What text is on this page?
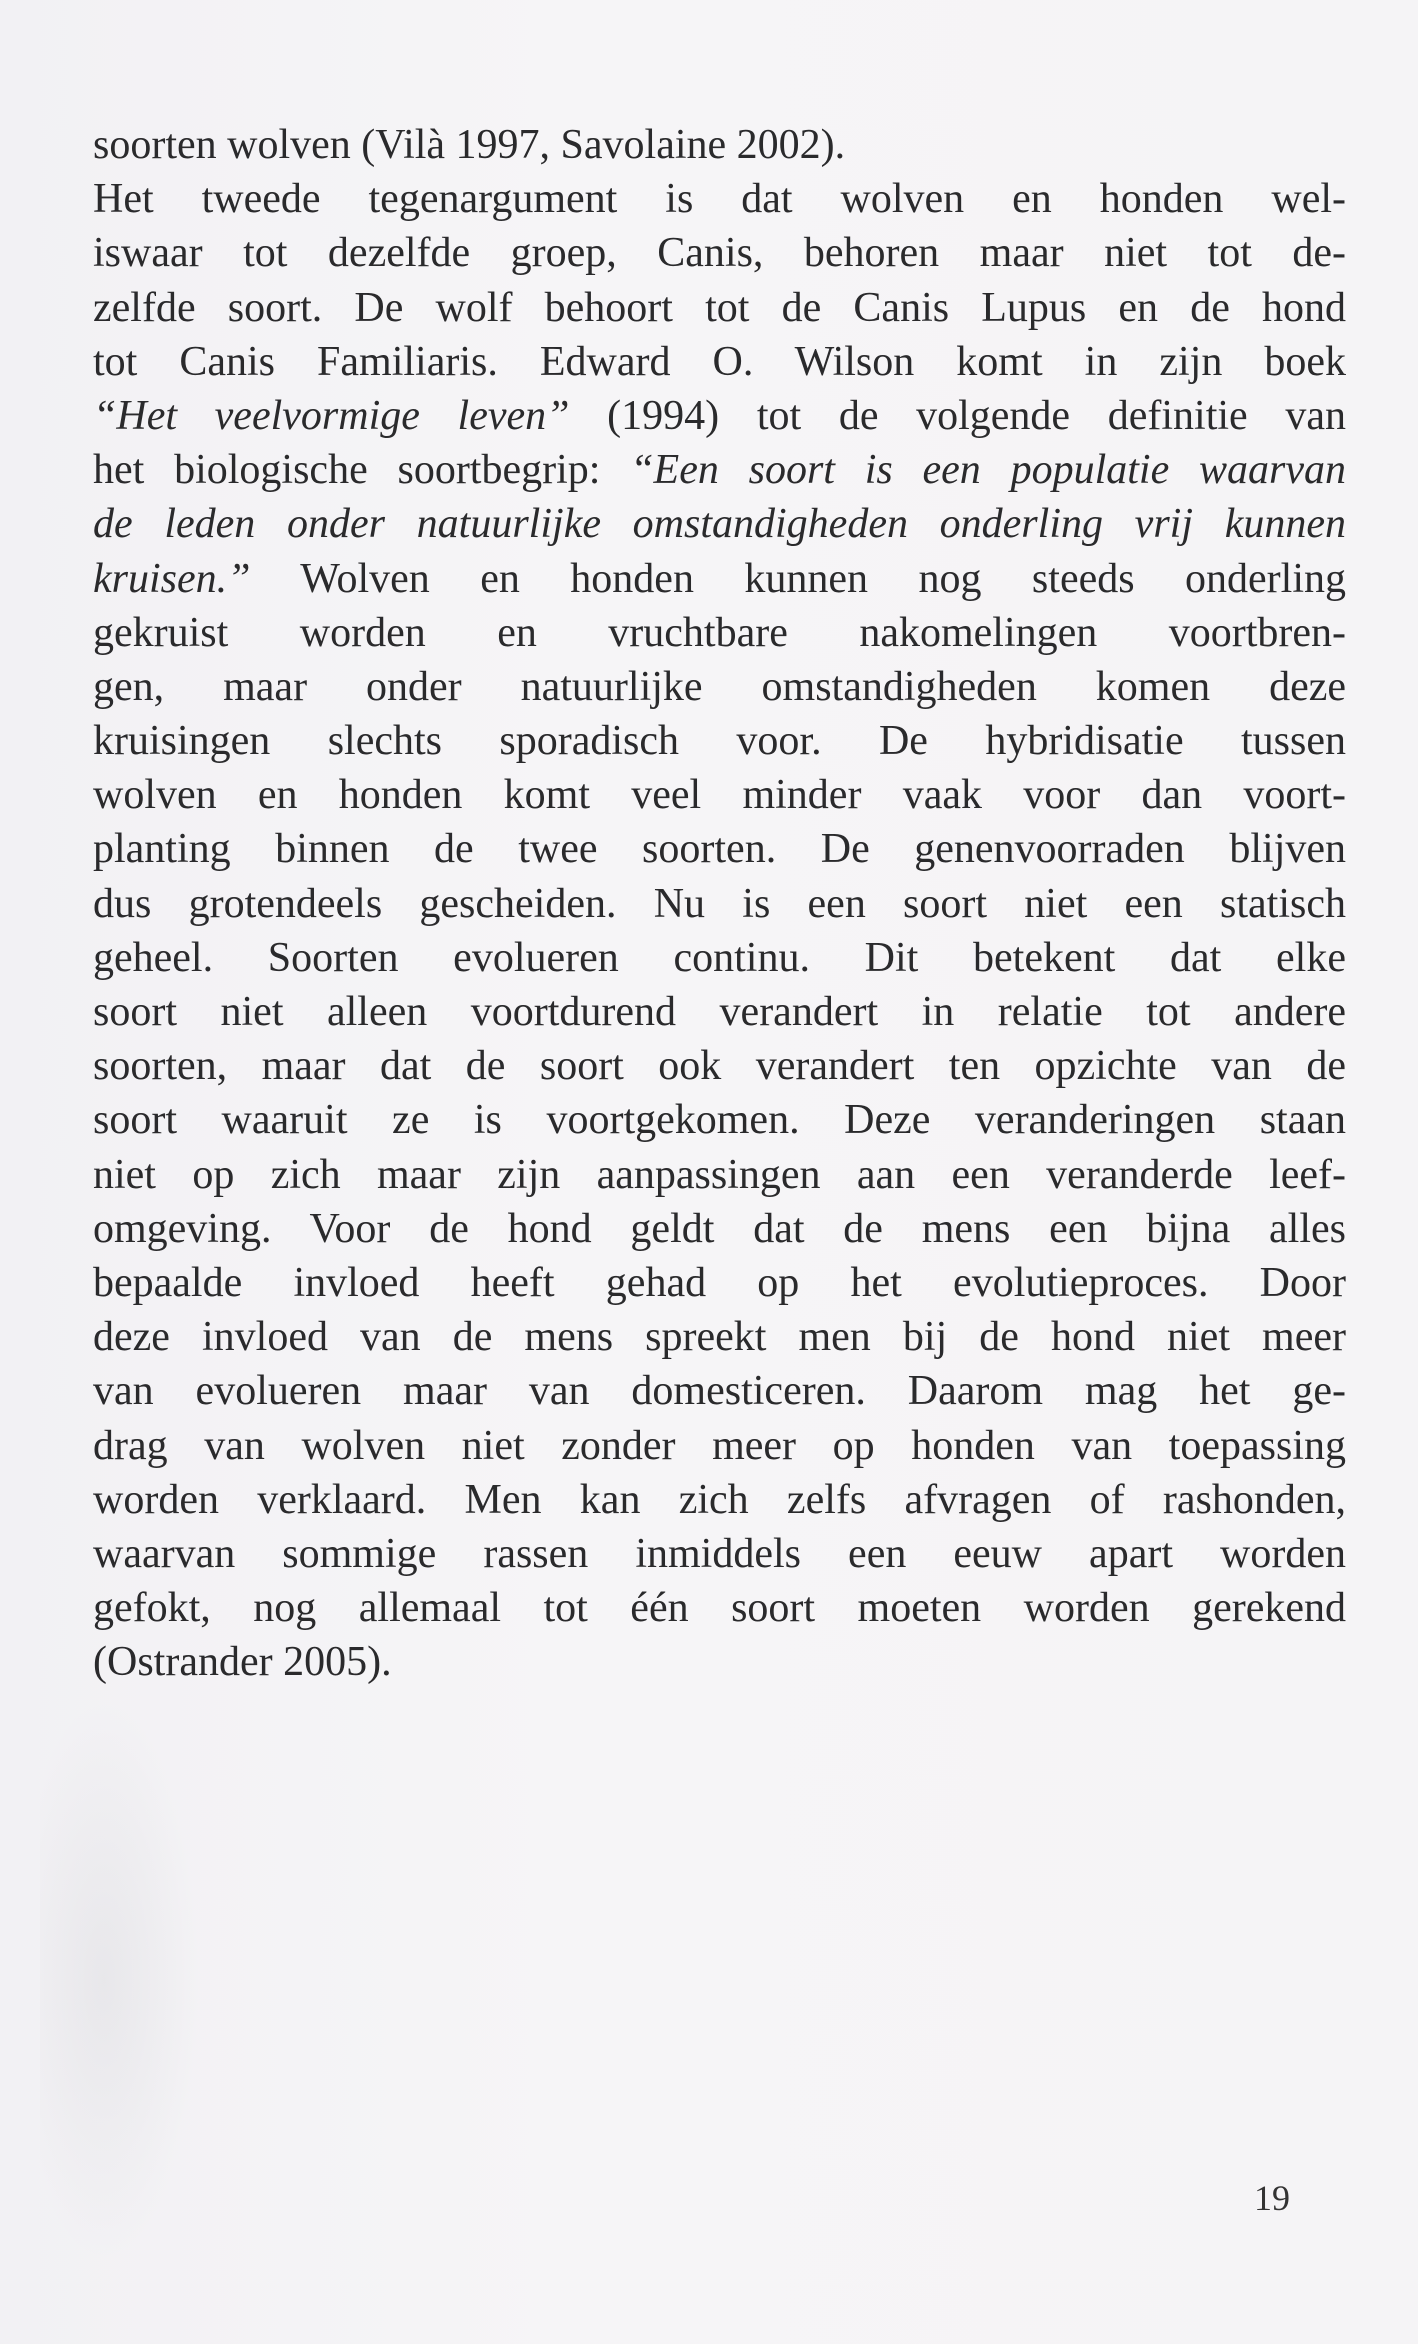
soorten wolven (Vilà 1997, Savolaine 2002).
Het tweede tegenargument is dat wolven en honden wel-
iswaar tot dezelfde groep, Canis, behoren maar niet tot de-
zelfde soort. De wolf behoort tot de Canis Lupus en de hond
tot Canis Familiaris. Edward O. Wilson komt in zijn boek
“Het veelvormige leven” (1994) tot de volgende definitie van
het biologische soortbegrip: “Een soort is een populatie waarvan
de leden onder natuurlijke omstandigheden onderling vrij kunnen
kruisen.” Wolven en honden kunnen nog steeds onderling
gekruist worden en vruchtbare nakomelingen voortbren-
gen, maar onder natuurlijke omstandigheden komen deze
kruisingen slechts sporadisch voor. De hybridisatie tussen
wolven en honden komt veel minder vaak voor dan voort-
planting binnen de twee soorten. De genenvoorraden blijven
dus grotendeels gescheiden. Nu is een soort niet een statisch
geheel. Soorten evolueren continu. Dit betekent dat elke
soort niet alleen voortdurend verandert in relatie tot andere
soorten, maar dat de soort ook verandert ten opzichte van de
soort waaruit ze is voortgekomen. Deze veranderingen staan
niet op zich maar zijn aanpassingen aan een veranderde leef-
omgeving. Voor de hond geldt dat de mens een bijna alles
bepaalde invloed heeft gehad op het evolutieproces. Door
deze invloed van de mens spreekt men bij de hond niet meer
van evolueren maar van domesticeren. Daarom mag het ge-
drag van wolven niet zonder meer op honden van toepassing
worden verklaard. Men kan zich zelfs afvragen of rashonden,
waarvan sommige rassen inmiddels een eeuw apart worden
gefokt, nog allemaal tot één soort moeten worden gerekend
(Ostrander 2005).
19
